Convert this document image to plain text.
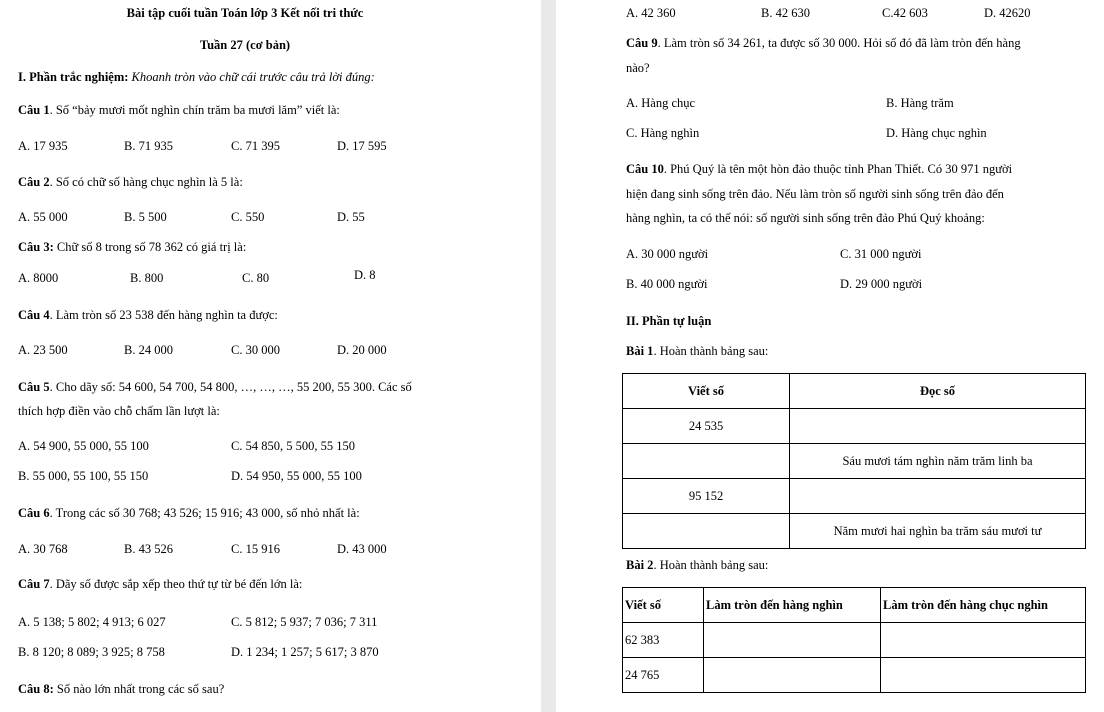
Bài tập cuối tuần Toán lớp 3 Kết nối tri thức
Tuần 27 (cơ bản)
I. Phần trắc nghiệm: Khoanh tròn vào chữ cái trước câu trả lời đúng:
Câu 1. Số “bảy mươi mốt nghìn chín trăm ba mươi lăm” viết là:
A. 17 935	B. 71 935	C. 71 395	D. 17 595
Câu 2. Số có chữ số hàng chục nghìn là 5 là:
A. 55 000	B. 5 500	C. 550	D. 55
Câu 3: Chữ số 8 trong số 78 362 có giá trị là:
A. 8000	B. 800	C. 80	D. 8
Câu 4. Làm tròn số 23 538 đến hàng nghìn ta được:
A. 23 500	B. 24 000	C. 30 000	D. 20 000
Câu 5. Cho dãy số: 54 600, 54 700, 54 800, …, …, …, 55 200, 55 300. Các số
thích hợp điền vào chỗ chấm lần lượt là:
A. 54 900, 55 000, 55 100	C. 54 850, 5 500, 55 150
B. 55 000, 55 100, 55 150	D. 54 950, 55 000, 55 100
Câu 6. Trong các số 30 768; 43 526; 15 916; 43 000, số nhỏ nhất là:
A. 30 768	B. 43 526	C. 15 916	D. 43 000
Câu 7. Dãy số được sắp xếp theo thứ tự từ bé đến lớn là:
A. 5 138; 5 802; 4 913; 6 027	C. 5 812; 5 937; 7 036; 7 311
B. 8 120; 8 089; 3 925; 8 758	D. 1 234; 1 257; 5 617; 3 870
Câu 8: Số nào lớn nhất trong các số sau?
A. 42 360	B. 42 630	C.42 603	D. 42620
Câu 9. Làm tròn số 34 261, ta được số 30 000. Hỏi số đó đã làm tròn đến hàng
nào?
A. Hàng chục	B. Hàng trăm
C. Hàng nghìn	D. Hàng chục nghìn
Câu 10. Phú Quý là tên một hòn đảo thuộc tỉnh Phan Thiết. Có 30 971 người
hiện đang sinh sống trên đảo. Nếu làm tròn số người sinh sống trên đảo đến
hàng nghìn, ta có thể nói: số người sinh sống trên đảo Phú Quý khoảng:
A. 30 000 người	C. 31 000 người
B. 40 000 người	D. 29 000 người
II. Phần tự luận
Bài 1. Hoàn thành bảng sau:
Viết số	Đọc số
24 535	
	Sáu mươi tám nghìn năm trăm linh ba
95 152	
	Năm mươi hai nghìn ba trăm sáu mươi tư
Bài 2. Hoàn thành bảng sau:
Viết số	Làm tròn đến hàng nghìn	Làm tròn đến hàng chục nghìn
62 383		
24 765		
